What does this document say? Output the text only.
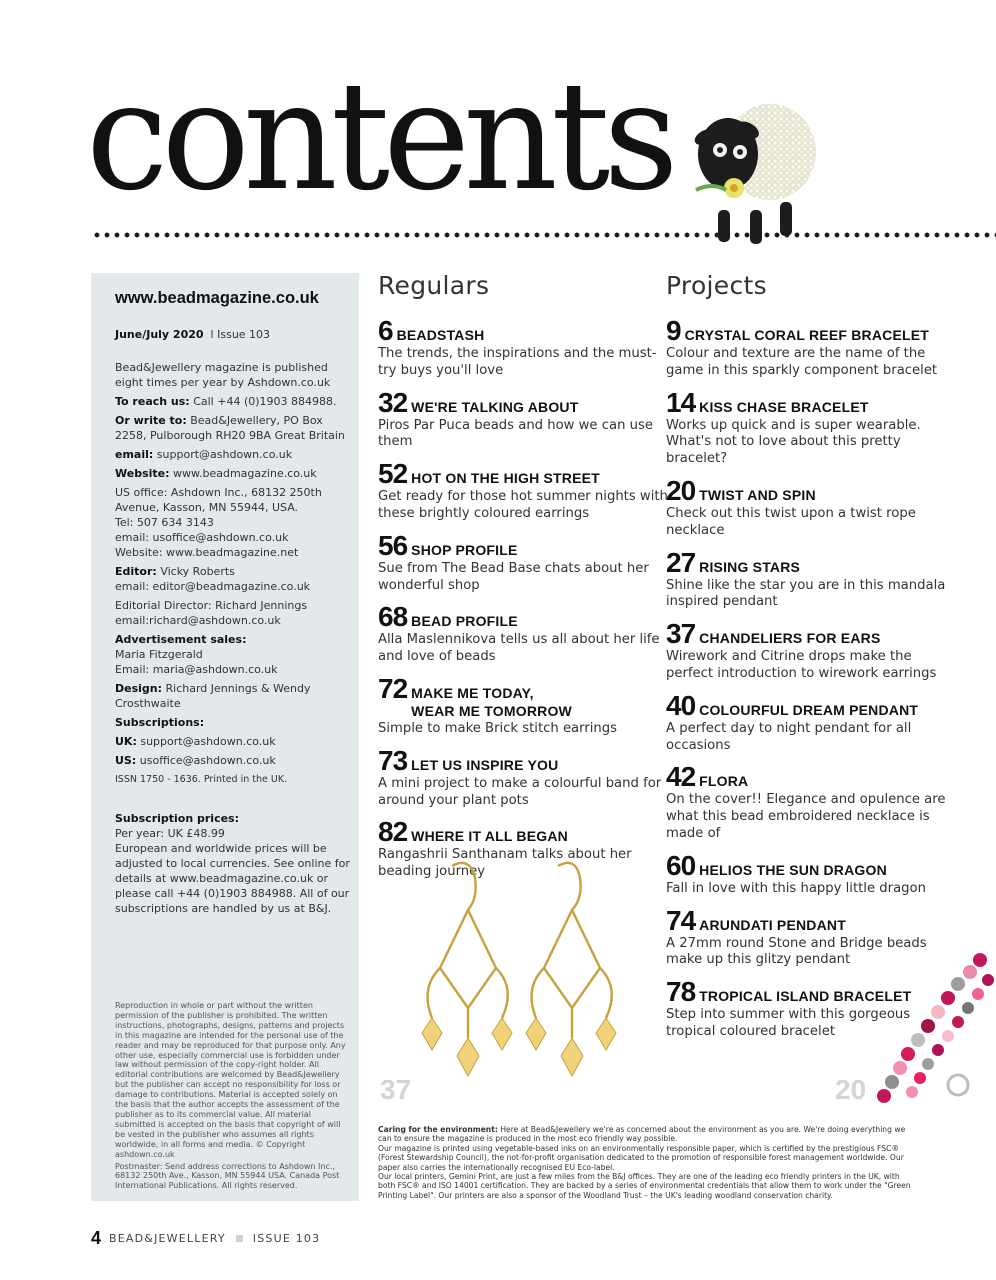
contents
www.beadmagazine.co.uk

June/July 2020 l Issue 103

Bead&Jewellery magazine is published eight times per year by Ashdown.co.uk

To reach us: Call +44 (0)1903 884988.

Or write to: Bead&Jewellery, PO Box 2258, Pulborough RH20 9BA Great Britain

email: support@ashdown.co.uk

Website: www.beadmagazine.co.uk

US office: Ashdown Inc., 68132 250th Avenue, Kasson, MN 55944, USA.
Tel: 507 634 3143
email: usoffice@ashdown.co.uk
Website: www.beadmagazine.net

Editor: Vicky Roberts
email: editor@beadmagazine.co.uk

Editorial Director: Richard Jennings
email:richard@ashdown.co.uk

Advertisement sales:
Maria Fitzgerald
Email: maria@ashdown.co.uk

Design: Richard Jennings & Wendy Crosthwaite

Subscriptions:

UK: support@ashdown.co.uk

US: usoffice@ashdown.co.uk

ISSN 1750 - 1636. Printed in the UK.

Subscription prices:

Per year: UK £48.99

European and worldwide prices will be adjusted to local currencies. See online for details at www.beadmagazine.co.uk or please call +44 (0)1903 884988. All of our subscriptions are handled by us at B&J.

Reproduction in whole or part without the written permission of the publisher is prohibited. The written instructions, photographs, designs, patterns and projects in this magazine are intended for the personal use of the reader and may be reproduced for that purpose only. Any other use, especially commercial use is forbidden under law without permission of the copy-right holder. All editorial contributions are welcomed by Bead&Jewellery but the publisher can accept no responsibility for loss or damage to contributions. Material is accepted solely on the basis that the author accepts the assessment of the publisher as to its commercial value. All material submitted is accepted on the basis that copyright of will be vested in the publisher who assumes all rights worldwide, in all forms and media. © Copyright ashdown.co.uk

Postmaster: Send address corrections to Ashdown Inc., 68132 250th Ave., Kasson, MN 55944 USA. Canada Post International Publications. All rights reserved.

Regulars
6 BEADSTASH
The trends, the inspirations and the must-try buys you'll love
32 WE'RE TALKING ABOUT
Piros Par Puca beads and how we can use them
52 HOT ON THE HIGH STREET
Get ready for those hot summer nights with these brightly coloured earrings
56 SHOP PROFILE
Sue from The Bead Base chats about her wonderful shop
68 BEAD PROFILE
Alla Maslennikova tells us all about her life and love of beads
72 MAKE ME TODAY,
WEAR ME TOMORROW
Simple to make Brick stitch earrings
73 LET US INSPIRE YOU
A mini project to make a colourful band for around your plant pots
82 WHERE IT ALL BEGAN
Rangashrii Santhanam talks about her beading journey
Projects
9 CRYSTAL CORAL REEF BRACELET
Colour and texture are the name of the game in this sparkly component bracelet
14 KISS CHASE BRACELET
Works up quick and is super wearable. What's not to love about this pretty bracelet?
20 TWIST AND SPIN
Check out this twist upon a twist rope necklace
27 RISING STARS
Shine like the star you are in this mandala inspired pendant
37 CHANDELIERS FOR EARS
Wirework and Citrine drops make the perfect introduction to wirework earrings
40 COLOURFUL DREAM PENDANT
A perfect day to night pendant for all occasions
42 FLORA
On the cover!! Elegance and opulence are what this bead embroidered necklace is made of
60 HELIOS THE SUN DRAGON
Fall in love with this happy little dragon
74 ARUNDATI PENDANT
A 27mm round Stone and Bridge beads make up this glitzy pendant
78 TROPICAL ISLAND BRACELET
Step into summer with this gorgeous tropical coloured bracelet
37	20

Caring for the environment: Here at Bead&Jewellery we're as concerned about the environment as you are. We're doing everything we can to ensure the magazine is produced in the most eco friendly way possible.

Our magazine is printed using vegetable-based inks on an environmentally responsible paper, which is certified by the prestigious FSC® (Forest Stewardship Council), the not-for-profit organisation dedicated to the promotion of responsible forest management worldwide. Our paper also carries the internationally recognised EU Eco-label.

Our local printers, Gemini Print, are just a few miles from the B&J offices. They are one of the leading eco friendly printers in the UK, with both FSC® and ISO 14001 certification. They are backed by a series of environmental credentials that allow them to work under the "Green Printing Label". Our printers are also a sponsor of the Woodland Trust – the UK's leading woodland conservation charity.

4 BEAD&JEWELLERY ISSUE 103
